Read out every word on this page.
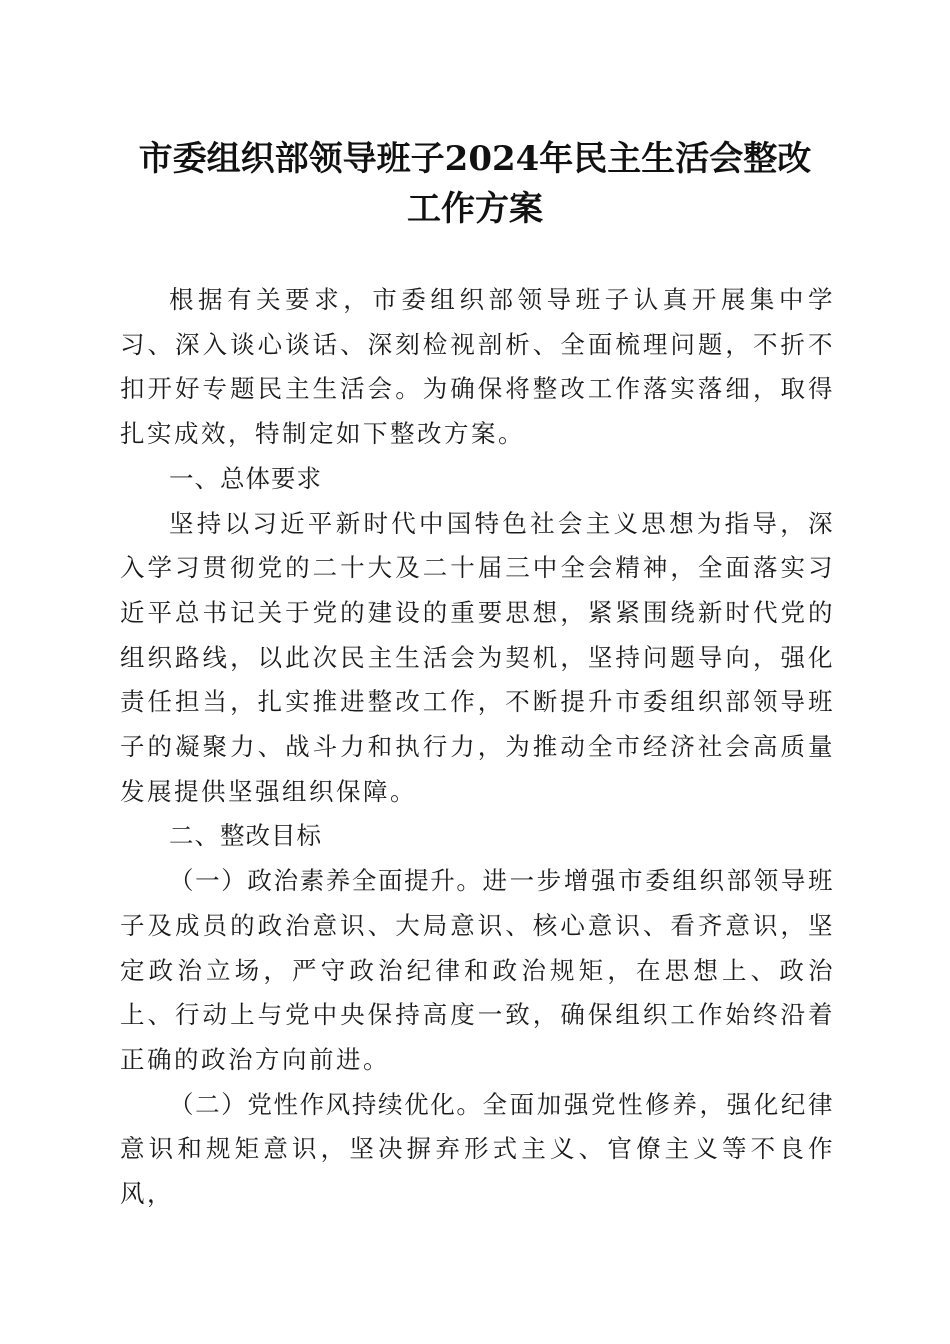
市委组织部领导班子2024年民主生活会整改
工作方案

根据有关要求，市委组织部领导班子认真开展集中学习、深入谈心谈话、深刻检视剖析、全面梳理问题，不折不扣开好专题民主生活会。为确保将整改工作落实落细，取得扎实成效，特制定如下整改方案。

一、总体要求

坚持以习近平新时代中国特色社会主义思想为指导，深入学习贯彻党的二十大及二十届三中全会精神，全面落实习近平总书记关于党的建设的重要思想，紧紧围绕新时代党的组织路线，以此次民主生活会为契机，坚持问题导向，强化责任担当，扎实推进整改工作，不断提升市委组织部领导班子的凝聚力、战斗力和执行力，为推动全市经济社会高质量发展提供坚强组织保障。

二、整改目标

（一）政治素养全面提升。进一步增强市委组织部领导班子及成员的政治意识、大局意识、核心意识、看齐意识，坚定政治立场，严守政治纪律和政治规矩，在思想上、政治上、行动上与党中央保持高度一致，确保组织工作始终沿着正确的政治方向前进。

（二）党性作风持续优化。全面加强党性修养，强化纪律意识和规矩意识，坚决摒弃形式主义、官僚主义等不良作风，
